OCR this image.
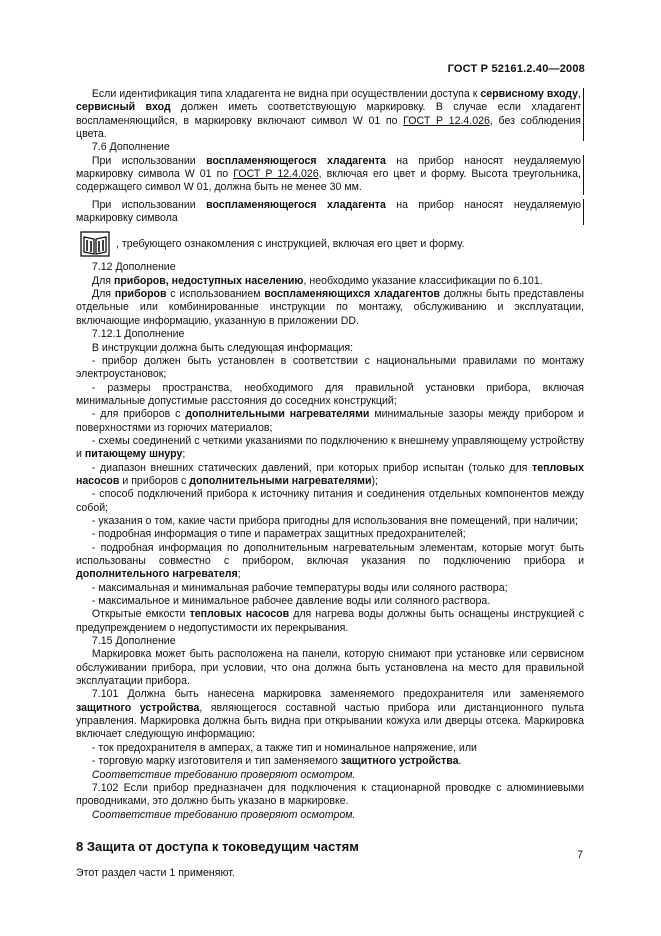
ГОСТ Р 52161.2.40—2008

Если идентификация типа хладагента не видна при осуществлении доступа к сервисному входу, сервисный вход должен иметь соответствующую маркировку. В случае если хладагент воспламеняющийся, в маркировку включают символ W 01 по ГОСТ Р 12.4.026, без соблюдения цвета.

7.6 Дополнение

При использовании воспламеняющегося хладагента на прибор наносят неудаляемую маркировку символа W 01 по ГОСТ Р 12.4.026, включая его цвет и форму. Высота треугольника, содержащего символ W 01, должна быть не менее 30 мм.

При использовании воспламеняющегося хладагента на прибор наносят неудаляемую маркировку символа

, требующего ознакомления с инструкцией, включая его цвет и форму.

7.12 Дополнение

Для приборов, недоступных населению, необходимо указание классификации по 6.101.

Для приборов с использованием воспламеняющихся хладагентов должны быть представлены отдельные или комбинированные инструкции по монтажу, обслуживанию и эксплуатации, включающие информацию, указанную в приложении DD.

7.12.1 Дополнение

В инструкции должна быть следующая информация:

- прибор должен быть установлен в соответствии с национальными правилами по монтажу электроустановок;

- размеры пространства, необходимого для правильной установки прибора, включая минимальные допустимые расстояния до соседних конструкций;

- для приборов с дополнительными нагревателями минимальные зазоры между прибором и поверхностями из горючих материалов;

- схемы соединений с четкими указаниями по подключению к внешнему управляющему устройству и питающему шнуру;

- диапазон внешних статических давлений, при которых прибор испытан (только для тепловых насосов и приборов с дополнительными нагревателями);

- способ подключений прибора к источнику питания и соединения отдельных компонентов между собой;

- указания о том, какие части прибора пригодны для использования вне помещений, при наличии;

- подробная информация о типе и параметрах защитных предохранителей;

- подробная информация по дополнительным нагревательным элементам, которые могут быть использованы совместно с прибором, включая указания по подключению прибора и дополнительного нагревателя;

- максимальная и минимальная рабочие температуры воды или соляного раствора;

- максимальное и минимальное рабочее давление воды или соляного раствора.

Открытые емкости тепловых насосов для нагрева воды должны быть оснащены инструкцией с предупреждением о недопустимости их перекрывания.

7.15 Дополнение

Маркировка может быть расположена на панели, которую снимают при установке или сервисном обслуживании прибора, при условии, что она должна быть установлена на место для правильной эксплуатации прибора.

7.101 Должна быть нанесена маркировка заменяемого предохранителя или заменяемого защитного устройства, являющегося составной частью прибора или дистанционного пульта управления. Маркировка должна быть видна при открывании кожуха или дверцы отсека. Маркировка включает следующую информацию:

- ток предохранителя в амперах, а также тип и номинальное напряжение, или

- торговую марку изготовителя и тип заменяемого защитного устройства.

Соответствие требованию проверяют осмотром.

7.102 Если прибор предназначен для подключения к стационарной проводке с алюминиевыми проводниками, это должно быть указано в маркировке.

Соответствие требованию проверяют осмотром.

8 Защита от доступа к токоведущим частям

Этот раздел части 1 применяют.

7
